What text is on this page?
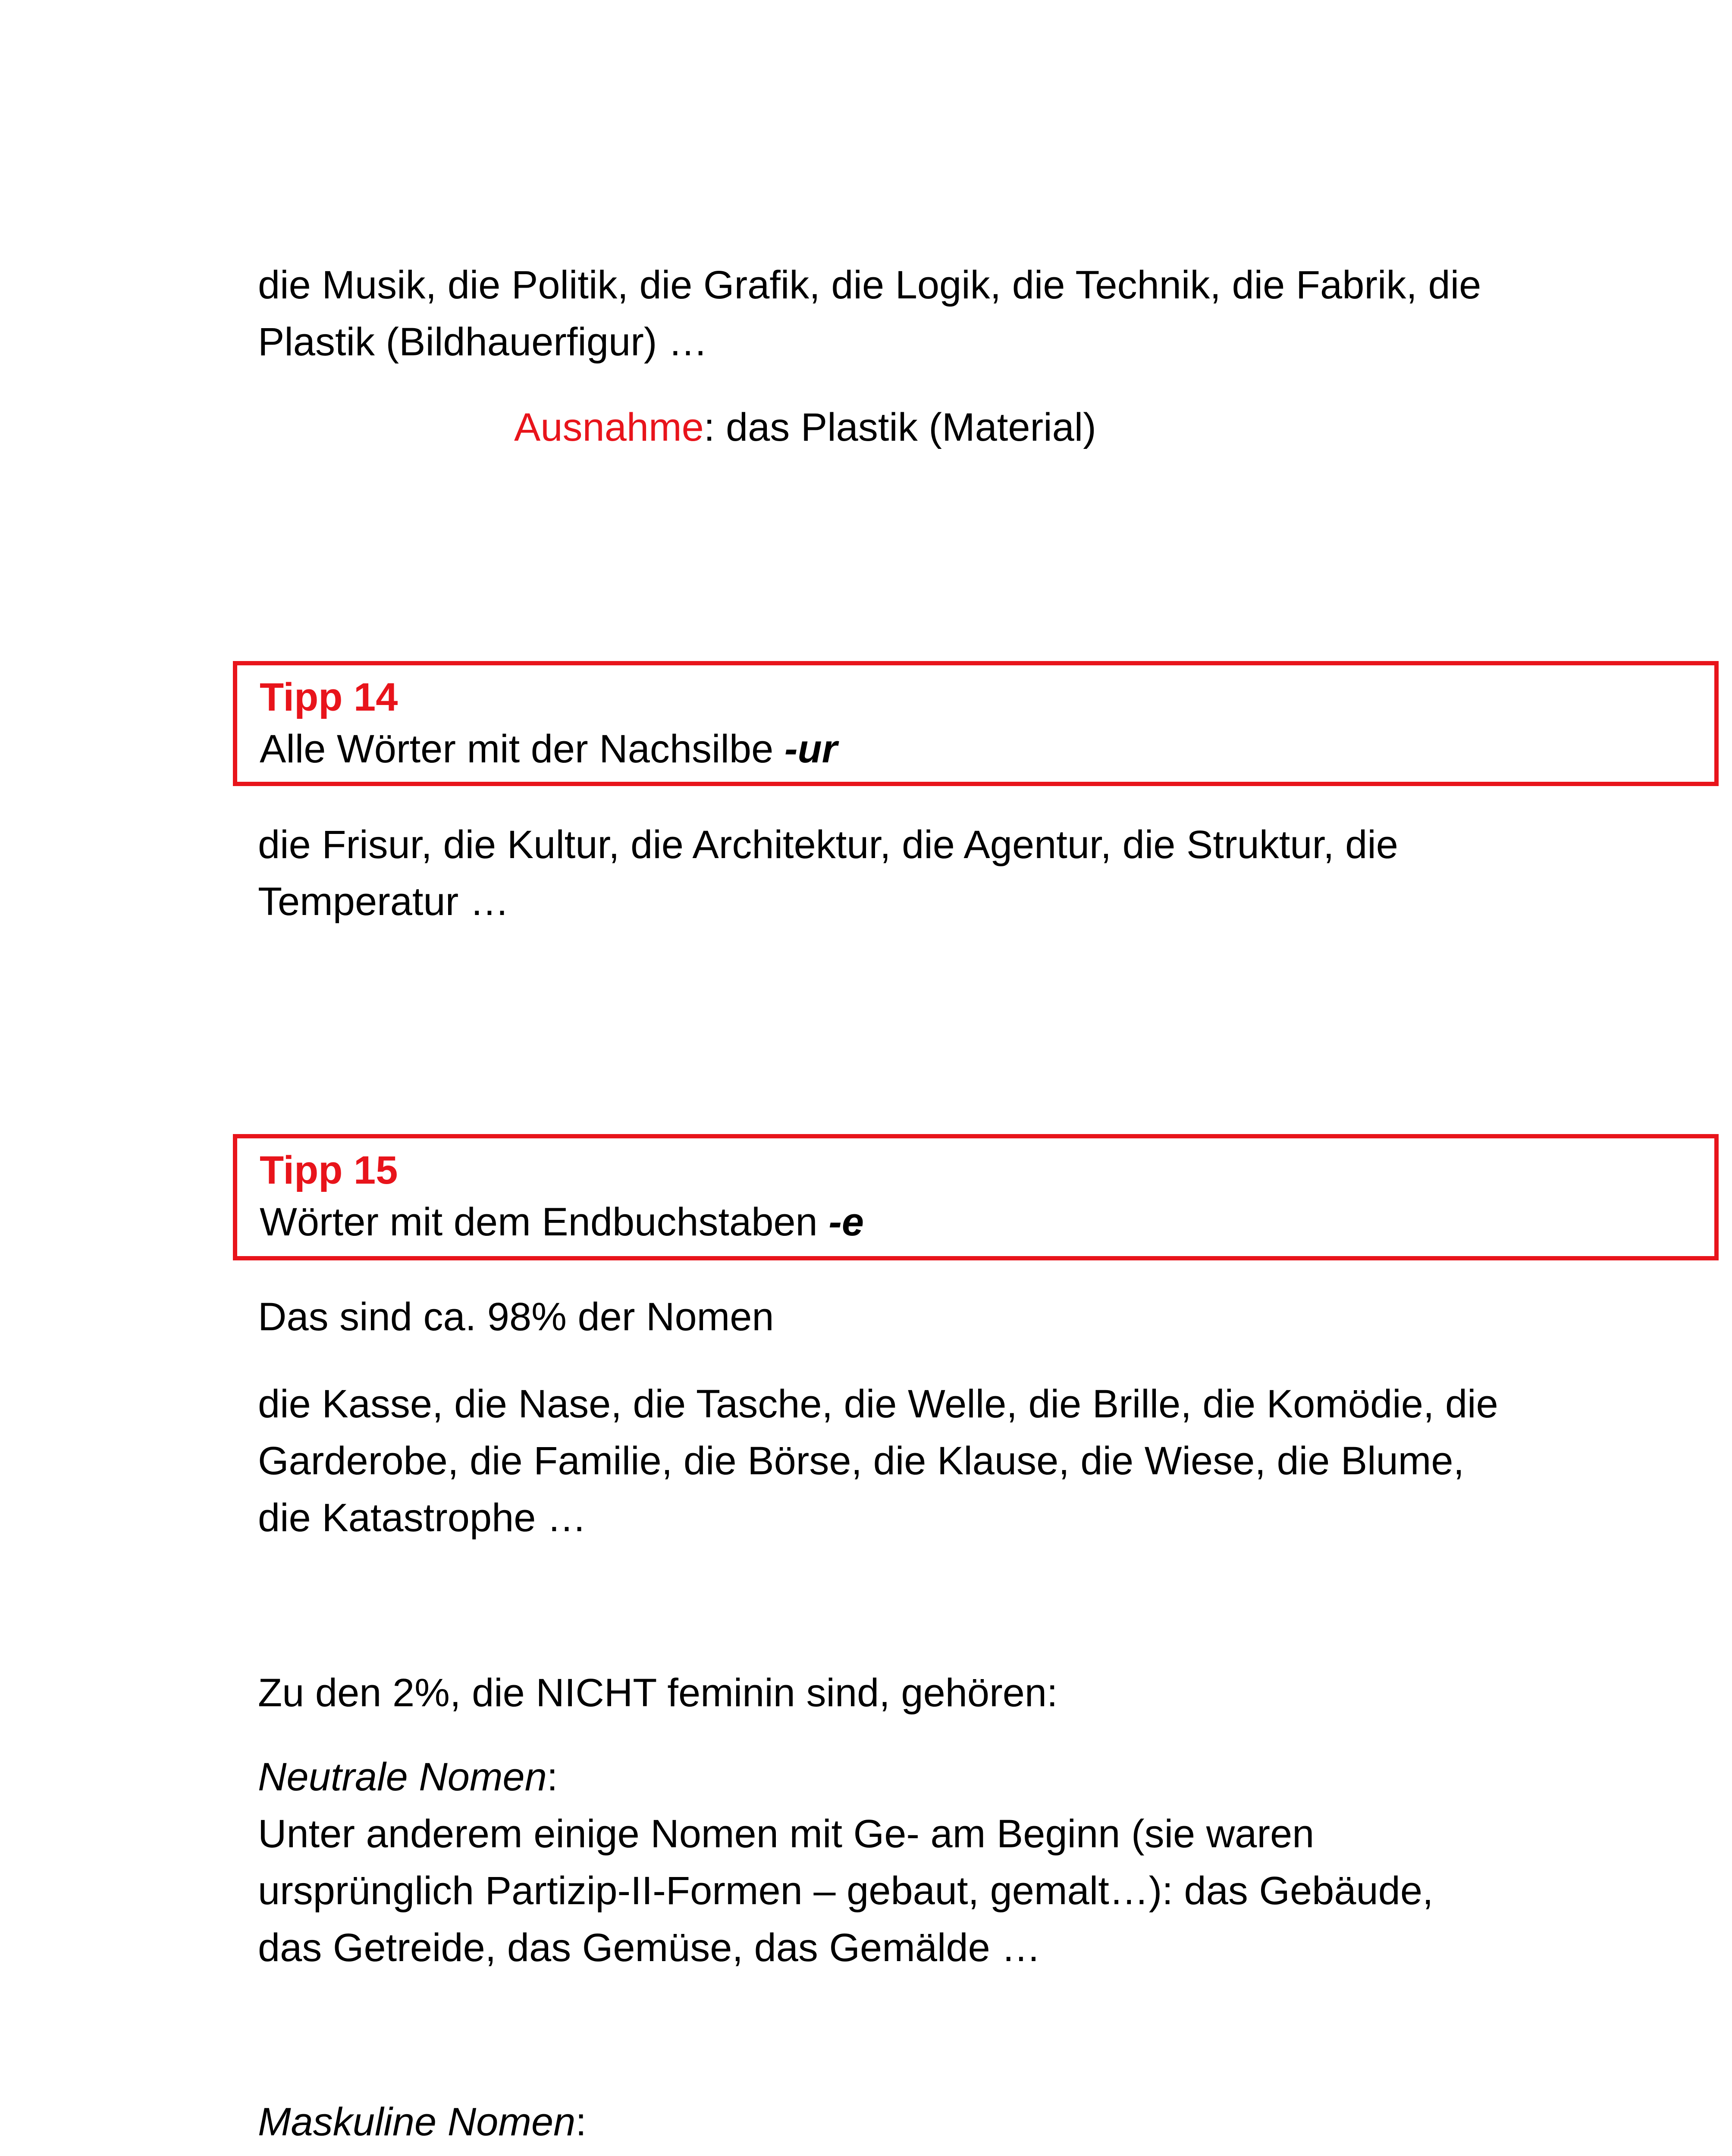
die Musik, die Politik, die Grafik, die Logik, die Technik, die Fabrik, die
Plastik (Bildhauerfigur) …
Ausnahme: das Plastik (Material)
Tipp 14
Alle Wörter mit der Nachsilbe -ur
die Frisur, die Kultur, die Architektur, die Agentur, die Struktur, die
Temperatur …
Tipp 15
Wörter mit dem Endbuchstaben -e
Das sind ca. 98% der Nomen
die Kasse, die Nase, die Tasche, die Welle, die Brille, die Komödie, die
Garderobe, die Familie, die Börse, die Klause, die Wiese, die Blume,
die Katastrophe …
Zu den 2%, die NICHT feminin sind, gehören:
Neutrale Nomen:
Unter anderem einige Nomen mit Ge- am Beginn (sie waren
ursprünglich Partizip-II-Formen – gebaut, gemalt…): das Gebäude,
das Getreide, das Gemüse, das Gemälde …
Maskuline Nomen:
